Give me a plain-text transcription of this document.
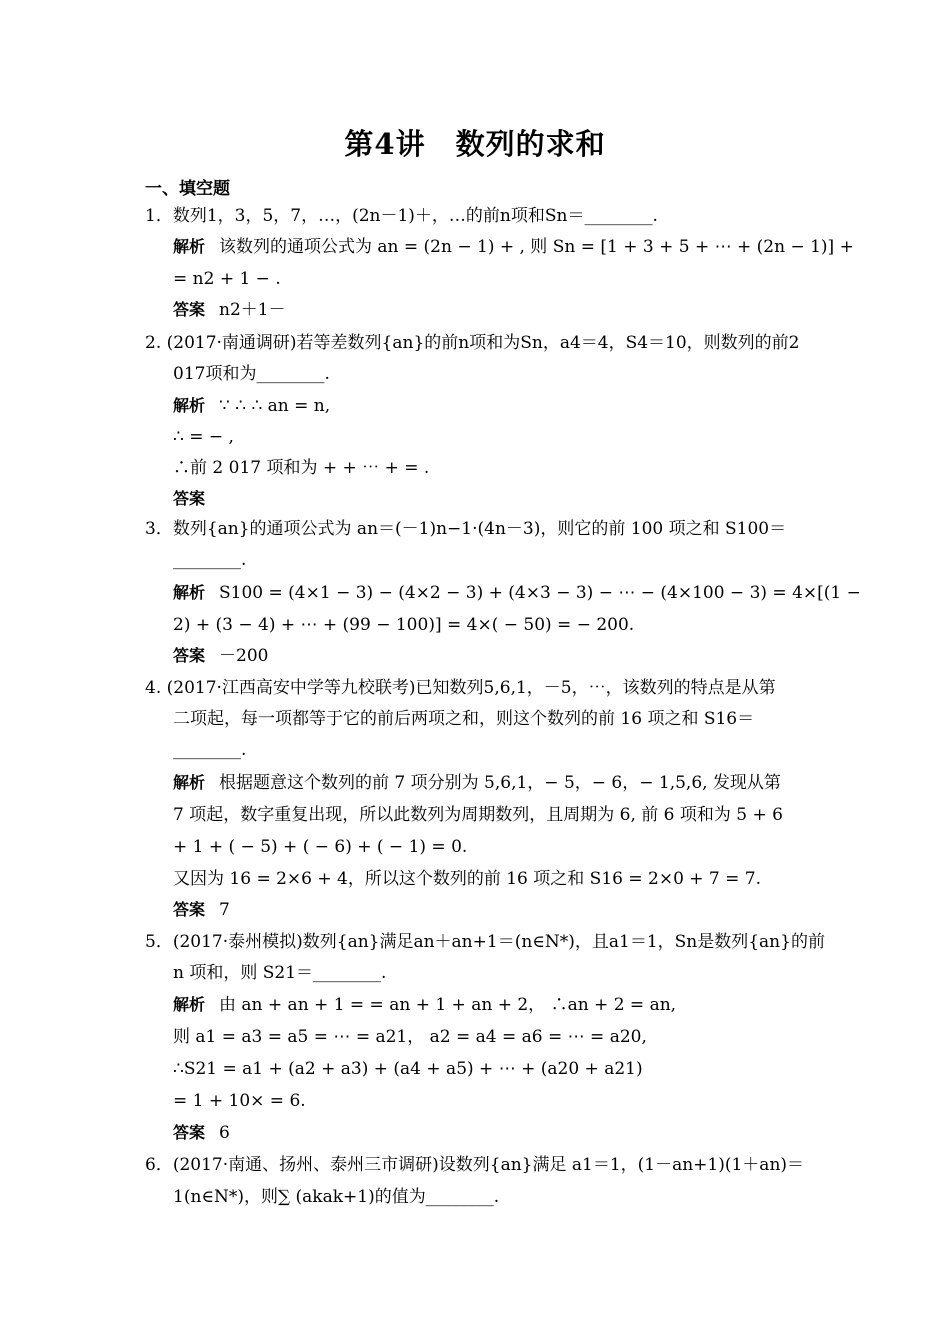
第4讲　数列的求和
一、填空题
1．数列1，3，5，7，…，(2n－1)＋，…的前n项和Sn＝________.
解析 该数列的通项公式为 an = (2n − 1) + , 则 Sn = [1 + 3 + 5 + ⋯ + (2n − 1)] +
= n2 + 1 − .
答案 n2＋1－
2. (2017·南通调研)若等差数列{an}的前n项和为Sn，a4＝4，S4＝10，则数列的前2
017项和为________.
解析 ∵ ∴ ∴ an = n,
∴ = − ,
∴前 2 017 项和为 + + ⋯ + = .
答案
3．数列{an}的通项公式为 an＝(－1)n−1·(4n－3)，则它的前 100 项之和 S100＝
________.
解析 S100 = (4×1 − 3) − (4×2 − 3) + (4×3 − 3) − ⋯ − (4×100 − 3) = 4×[(1 −
2) + (3 − 4) + ⋯ + (99 − 100)] = 4×( − 50) = − 200.
答案 －200
4. (2017·江西高安中学等九校联考)已知数列5,6,1，－5，⋯，该数列的特点是从第
二项起，每一项都等于它的前后两项之和，则这个数列的前 16 项之和 S16＝
________.
解析 根据题意这个数列的前 7 项分别为 5,6,1，− 5，− 6，− 1,5,6, 发现从第
7 项起，数字重复出现，所以此数列为周期数列，且周期为 6, 前 6 项和为 5 + 6
+ 1 + ( − 5) + ( − 6) + ( − 1) = 0.
又因为 16 = 2×6 + 4，所以这个数列的前 16 项之和 S16 = 2×0 + 7 = 7.
答案 7
5．(2017·泰州模拟)数列{an}满足an＋an+1＝(n∈N*)，且a1＝1，Sn是数列{an}的前
n 项和，则 S21＝________.
解析 由 an + an + 1 = = an + 1 + an + 2， ∴an + 2 = an,
则 a1 = a3 = a5 = ⋯ = a21， a2 = a4 = a6 = ⋯ = a20,
∴S21 = a1 + (a2 + a3) + (a4 + a5) + ⋯ + (a20 + a21)
= 1 + 10× = 6.
答案 6
6．(2017·南通、扬州、泰州三市调研)设数列{an}满足 a1＝1，(1－an+1)(1＋an)＝
1(n∈N*)，则∑ (akak+1)的值为________.
